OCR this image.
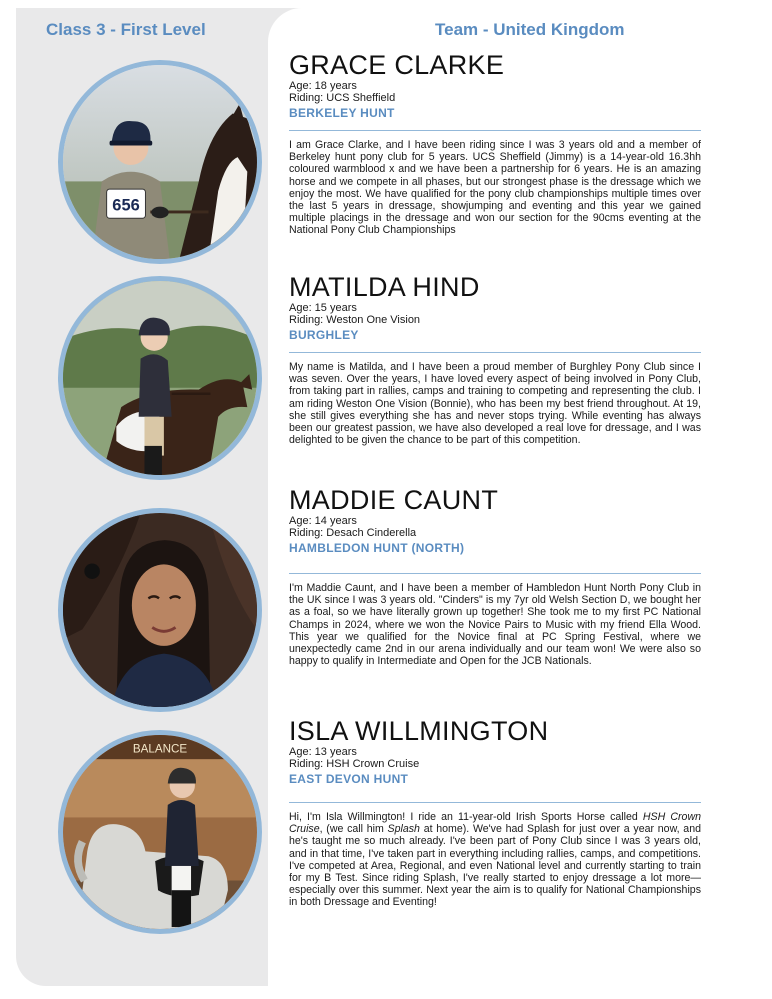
Class 3 - First Level	Team - United Kingdom
656
BALANCE
GRACE CLARKE
Age: 18 years
Riding: UCS Sheffield
BERKELEY HUNT
I am Grace Clarke, and I have been riding since I was 3 years old and a member of Berkeley hunt pony club for 5 years. UCS Sheffield (Jimmy) is a 14-year-old 16.3hh coloured warmblood x and we have been a partnership for 6 years. He is an amazing horse and we compete in all phases, but our strongest phase is the dressage which we enjoy the most. We have qualified for the pony club championships multiple times over the last 5 years in dressage, showjumping and eventing and this year we gained multiple placings in the dressage and won our section for the 90cms eventing at the National Pony Club Championships
MATILDA HIND
Age: 15 years
Riding: Weston One Vision
BURGHLEY
My name is Matilda, and I have been a proud member of Burghley Pony Club since I was seven. Over the years, I have loved every aspect of being involved in Pony Club, from taking part in rallies, camps and training to competing and representing the club. I am riding Weston One Vision (Bonnie), who has been my best friend throughout. At 19, she still gives everything she has and never stops trying. While eventing has always been our greatest passion, we have also developed a real love for dressage, and I was delighted to be given the chance to be part of this competition.
MADDIE CAUNT
Age: 14 years
Riding: Desach Cinderella
HAMBLEDON HUNT (NORTH)
I'm Maddie Caunt, and I have been a member of Hambledon Hunt North Pony Club in the UK since I was 3 years old. "Cinders" is my 7yr old Welsh Section D, we bought her as a foal, so we have literally grown up together! She took me to my first PC National Champs in 2024, where we won the Novice Pairs to Music with my friend Ella Wood. This year we qualified for the Novice final at PC Spring Festival, where we unexpectedly came 2nd in our arena individually and our team won! We were also so happy to qualify in Intermediate and Open for the JCB Nationals.
ISLA WILLMINGTON
Age: 13 years
Riding: HSH Crown Cruise
EAST DEVON HUNT
Hi, I'm Isla Willmington! I ride an 11-year-old Irish Sports Horse called HSH Crown Cruise, (we call him Splash at home). We've had Splash for just over a year now, and he's taught me so much already. I've been part of Pony Club since I was 3 years old, and in that time, I've taken part in everything including rallies, camps, and competitions. I've competed at Area, Regional, and even National level and currently starting to train for my B Test. Since riding Splash, I've really started to enjoy dressage a lot more—especially over this summer. Next year the aim is to qualify for National Championships in both Dressage and Eventing!
